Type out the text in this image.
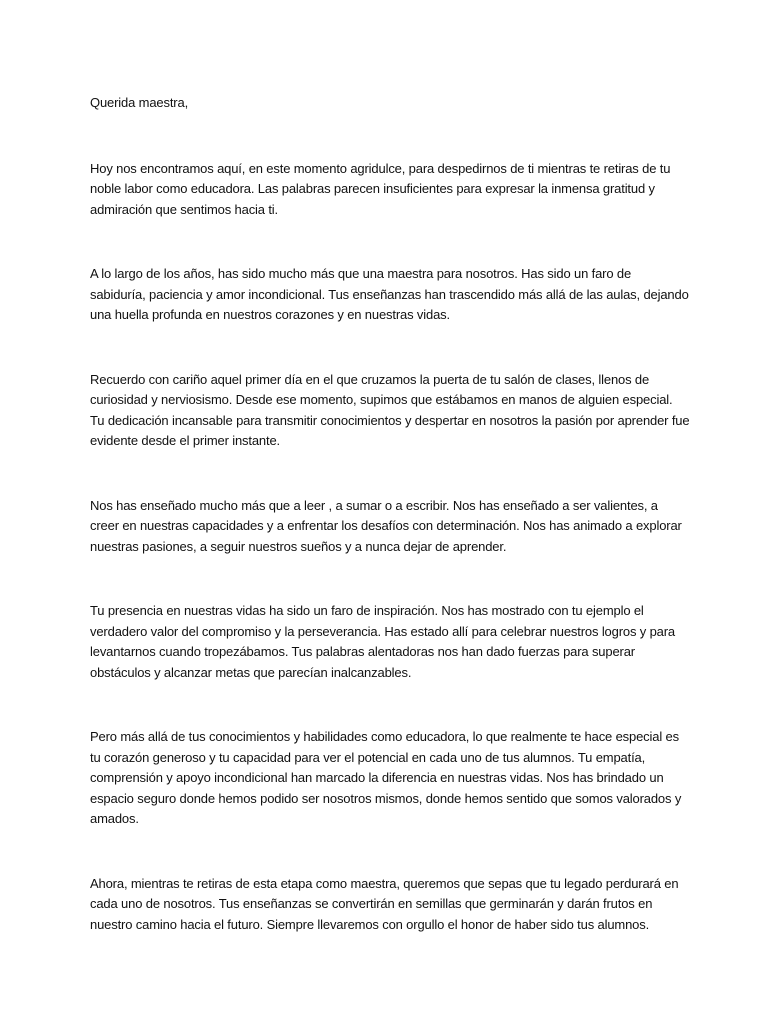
Querida maestra,

Hoy nos encontramos aquí, en este momento agridulce, para despedirnos de ti mientras te retiras de tu noble labor como educadora. Las palabras parecen insuficientes para expresar la inmensa gratitud y admiración que sentimos hacia ti.

A lo largo de los años, has sido mucho más que una maestra para nosotros. Has sido un faro de sabiduría, paciencia y amor incondicional. Tus enseñanzas han trascendido más allá de las aulas, dejando una huella profunda en nuestros corazones y en nuestras vidas.

Recuerdo con cariño aquel primer día en el que cruzamos la puerta de tu salón de clases, llenos de curiosidad y nerviosismo. Desde ese momento, supimos que estábamos en manos de alguien especial. Tu dedicación incansable para transmitir conocimientos y despertar en nosotros la pasión por aprender fue evidente desde el primer instante.

Nos has enseñado mucho más que a leer , a sumar o a escribir. Nos has enseñado a ser valientes, a creer en nuestras capacidades y a enfrentar los desafíos con determinación. Nos has animado a explorar nuestras pasiones, a seguir nuestros sueños y a nunca dejar de aprender.

Tu presencia en nuestras vidas ha sido un faro de inspiración. Nos has mostrado con tu ejemplo el verdadero valor del compromiso y la perseverancia. Has estado allí para celebrar nuestros logros y para levantarnos cuando tropezábamos. Tus palabras alentadoras nos han dado fuerzas para superar obstáculos y alcanzar metas que parecían inalcanzables.

Pero más allá de tus conocimientos y habilidades como educadora, lo que realmente te hace especial es tu corazón generoso y tu capacidad para ver el potencial en cada uno de tus alumnos. Tu empatía, comprensión y apoyo incondicional han marcado la diferencia en nuestras vidas. Nos has brindado un espacio seguro donde hemos podido ser nosotros mismos, donde hemos sentido que somos valorados y amados.

Ahora, mientras te retiras de esta etapa como maestra, queremos que sepas que tu legado perdurará en cada uno de nosotros. Tus enseñanzas se convertirán en semillas que germinarán y darán frutos en nuestro camino hacia el futuro. Siempre llevaremos con orgullo el honor de haber sido tus alumnos.
